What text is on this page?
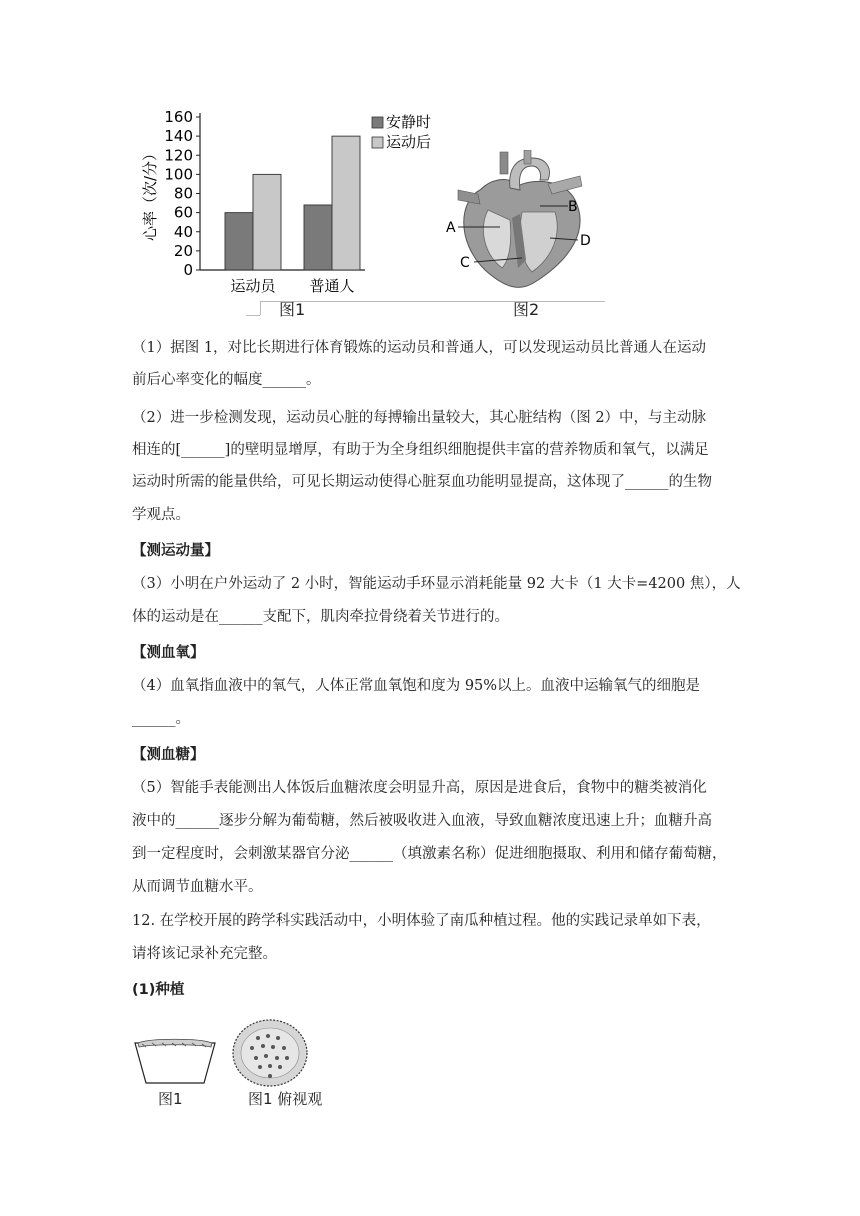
0
20
40
60
80
100
120
140
160
心率（次/分）
运动员 普通人
安静时
运动后
图1	图2
A
B
C
D
（1）据图 1，对比长期进行体育锻炼的运动员和普通人，可以发现运动员比普通人在运动
前后心率变化的幅度______。
（2）进一步检测发现，运动员心脏的每搏输出量较大，其心脏结构（图 2）中，与主动脉
相连的[______]的壁明显增厚，有助于为全身组织细胞提供丰富的营养物质和氧气，以满足
运动时所需的能量供给，可见长期运动使得心脏泵血功能明显提高，这体现了______的生物
学观点。
【测运动量】
（3）小明在户外运动了 2 小时，智能运动手环显示消耗能量 92 大卡（1 大卡=4200 焦），人
体的运动是在______支配下，肌肉牵拉骨绕着关节进行的。
【测血氧】
（4）血氧指血液中的氧气，人体正常血氧饱和度为 95%以上。血液中运输氧气的细胞是
______。
【测血糖】
（5）智能手表能测出人体饭后血糖浓度会明显升高，原因是进食后，食物中的糖类被消化
液中的______逐步分解为葡萄糖，然后被吸收进入血液，导致血糖浓度迅速上升；血糖升高
到一定程度时，会刺激某器官分泌______（填激素名称）促进细胞摄取、利用和储存葡萄糖，
从而调节血糖水平。
12. 在学校开展的跨学科实践活动中，小明体验了南瓜种植过程。他的实践记录单如下表，
请将该记录补充完整。
(1)种植
图1	图1 俯视观
